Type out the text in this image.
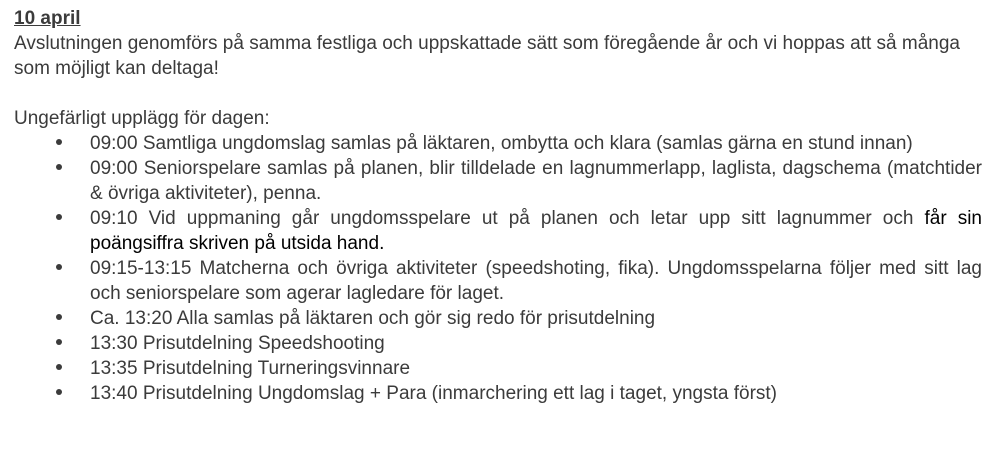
10 april

Avslutningen genomförs på samma festliga och uppskattade sätt som föregående år och vi hoppas att så många som möjligt kan deltaga!

Ungefärligt upplägg för dagen:

09:00 Samtliga ungdomslag samlas på läktaren, ombytta och klara (samlas gärna en stund innan)
09:00 Seniorspelare samlas på planen, blir tilldelade en lagnummerlapp, laglista, dagschema (matchtider & övriga aktiviteter), penna.
09:10 Vid uppmaning går ungdomsspelare ut på planen och letar upp sitt lagnummer och får sin poängsiffra skriven på utsida hand.
09:15-13:15 Matcherna och övriga aktiviteter (speedshoting, fika). Ungdomsspelarna följer med sitt lag och seniorspelare som agerar lagledare för laget.
Ca. 13:20 Alla samlas på läktaren och gör sig redo för prisutdelning
13:30 Prisutdelning Speedshooting
13:35 Prisutdelning Turneringsvinnare
13:40 Prisutdelning Ungdomslag + Para (inmarchering ett lag i taget, yngsta först)
